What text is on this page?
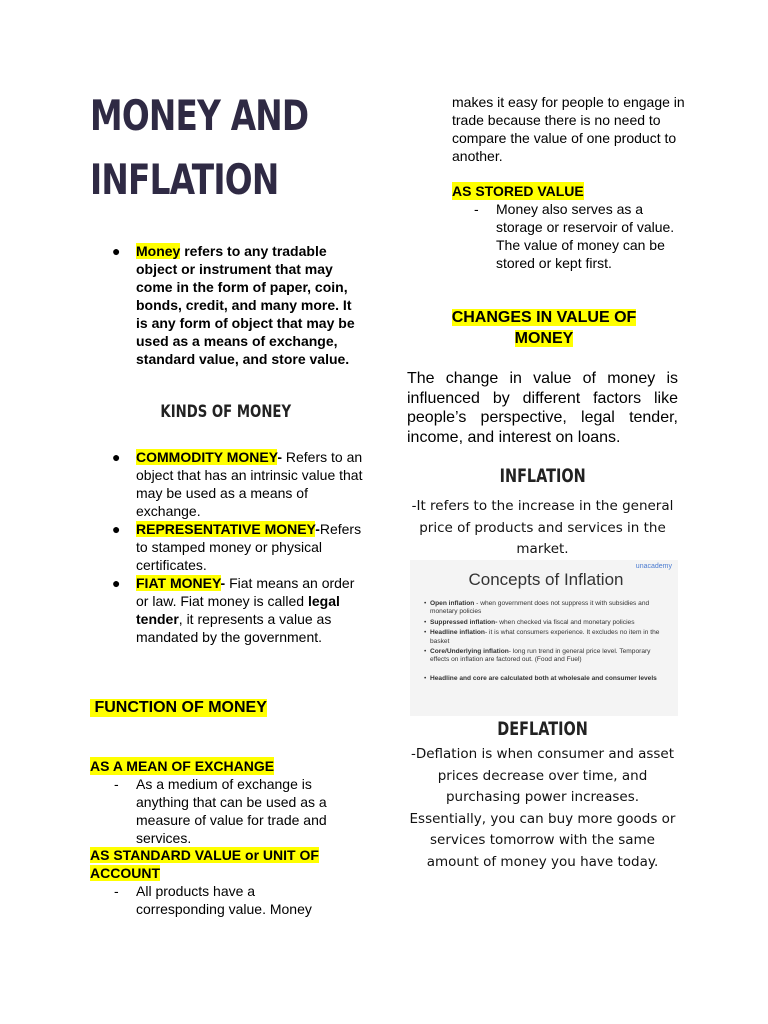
MONEY AND
INFLATION
● Money refers to any tradable object or instrument that may come in the form of paper, coin, bonds, credit, and many more. It is any form of object that may be used as a means of exchange, standard value, and store value.
KINDS OF MONEY
● COMMODITY MONEY- Refers to an object that has an intrinsic value that may be used as a means of exchange.
● REPRESENTATIVE MONEY-Refers to stamped money or physical certificates.
● FIAT MONEY- Fiat means an order or law. Fiat money is called legal tender, it represents a value as mandated by the government.
FUNCTION OF MONEY
AS A MEAN OF EXCHANGE
- As a medium of exchange is anything that can be used as a measure of value for trade and services.
AS STANDARD VALUE or UNIT OF ACCOUNT
- All products have a corresponding value. Money
makes it easy for people to engage in trade because there is no need to compare the value of one product to another.
AS STORED VALUE
- Money also serves as a storage or reservoir of value. The value of money can be stored or kept first.
CHANGES IN VALUE OF
MONEY
The change in value of money is influenced by different factors like people’s perspective, legal tender, income, and interest on loans.
INFLATION
-It refers to the increase in the general price of products and services in the market.
unacademy
Concepts of Inflation
• Open inflation - when government does not suppress it with subsidies and monetary policies
• Suppressed inflation- when checked via fiscal and monetary policies
• Headline inflation- it is what consumers experience. It excludes no item in the basket
• Core/Underlying inflation- long run trend in general price level. Temporary effects on inflation are factored out. (Food and Fuel)
• Headline and core are calculated both at wholesale and consumer levels
DEFLATION
-Deflation is when consumer and asset prices decrease over time, and purchasing power increases. Essentially, you can buy more goods or services tomorrow with the same amount of money you have today.
